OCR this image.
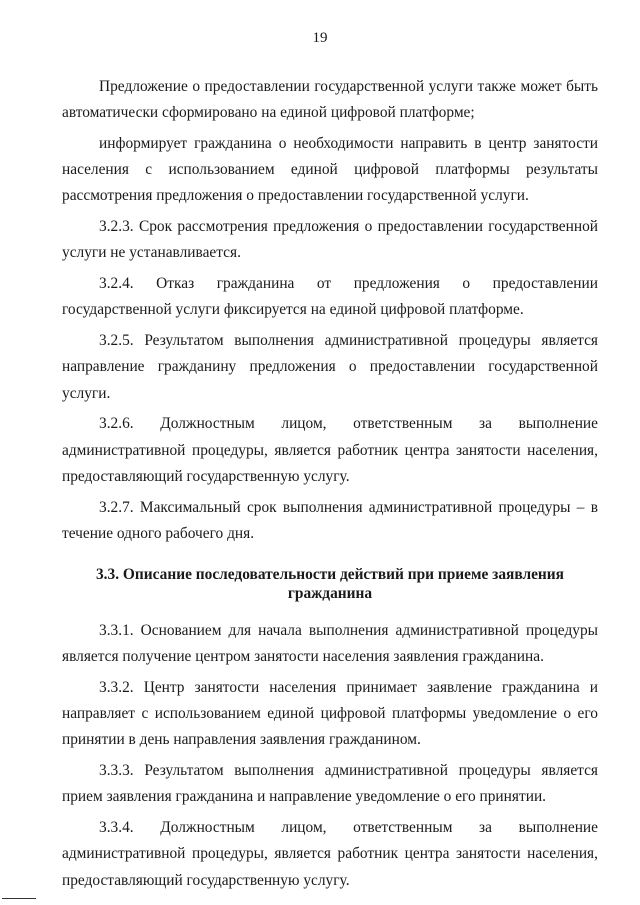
19

Предложение о предоставлении государственной услуги также может быть автоматически сформировано на единой цифровой платформе;

информирует гражданина о необходимости направить в центр занятости населения с использованием единой цифровой платформы результаты рассмотрения предложения о предоставлении государственной услуги.

3.2.3. Срок рассмотрения предложения о предоставлении государственной услуги не устанавливается.

3.2.4. Отказ гражданина от предложения о предоставлении государственной услуги фиксируется на единой цифровой платформе.

3.2.5. Результатом выполнения административной процедуры является направление гражданину предложения о предоставлении государственной услуги.

3.2.6. Должностным лицом, ответственным за выполнение административной процедуры, является работник центра занятости населения, предоставляющий государственную услугу.

3.2.7. Максимальный срок выполнения административной процедуры – в течение одного рабочего дня.

3.3. Описание последовательности действий при приеме заявления гражданина

3.3.1. Основанием для начала выполнения административной процедуры является получение центром занятости населения заявления гражданина.

3.3.2. Центр занятости населения принимает заявление гражданина и направляет с использованием единой цифровой платформы уведомление о его принятии в день направления заявления гражданином.

3.3.3. Результатом выполнения административной процедуры является прием заявления гражданина и направление уведомление о его принятии.

3.3.4. Должностным лицом, ответственным за выполнение административной процедуры, является работник центра занятости населения, предоставляющий государственную услугу.
